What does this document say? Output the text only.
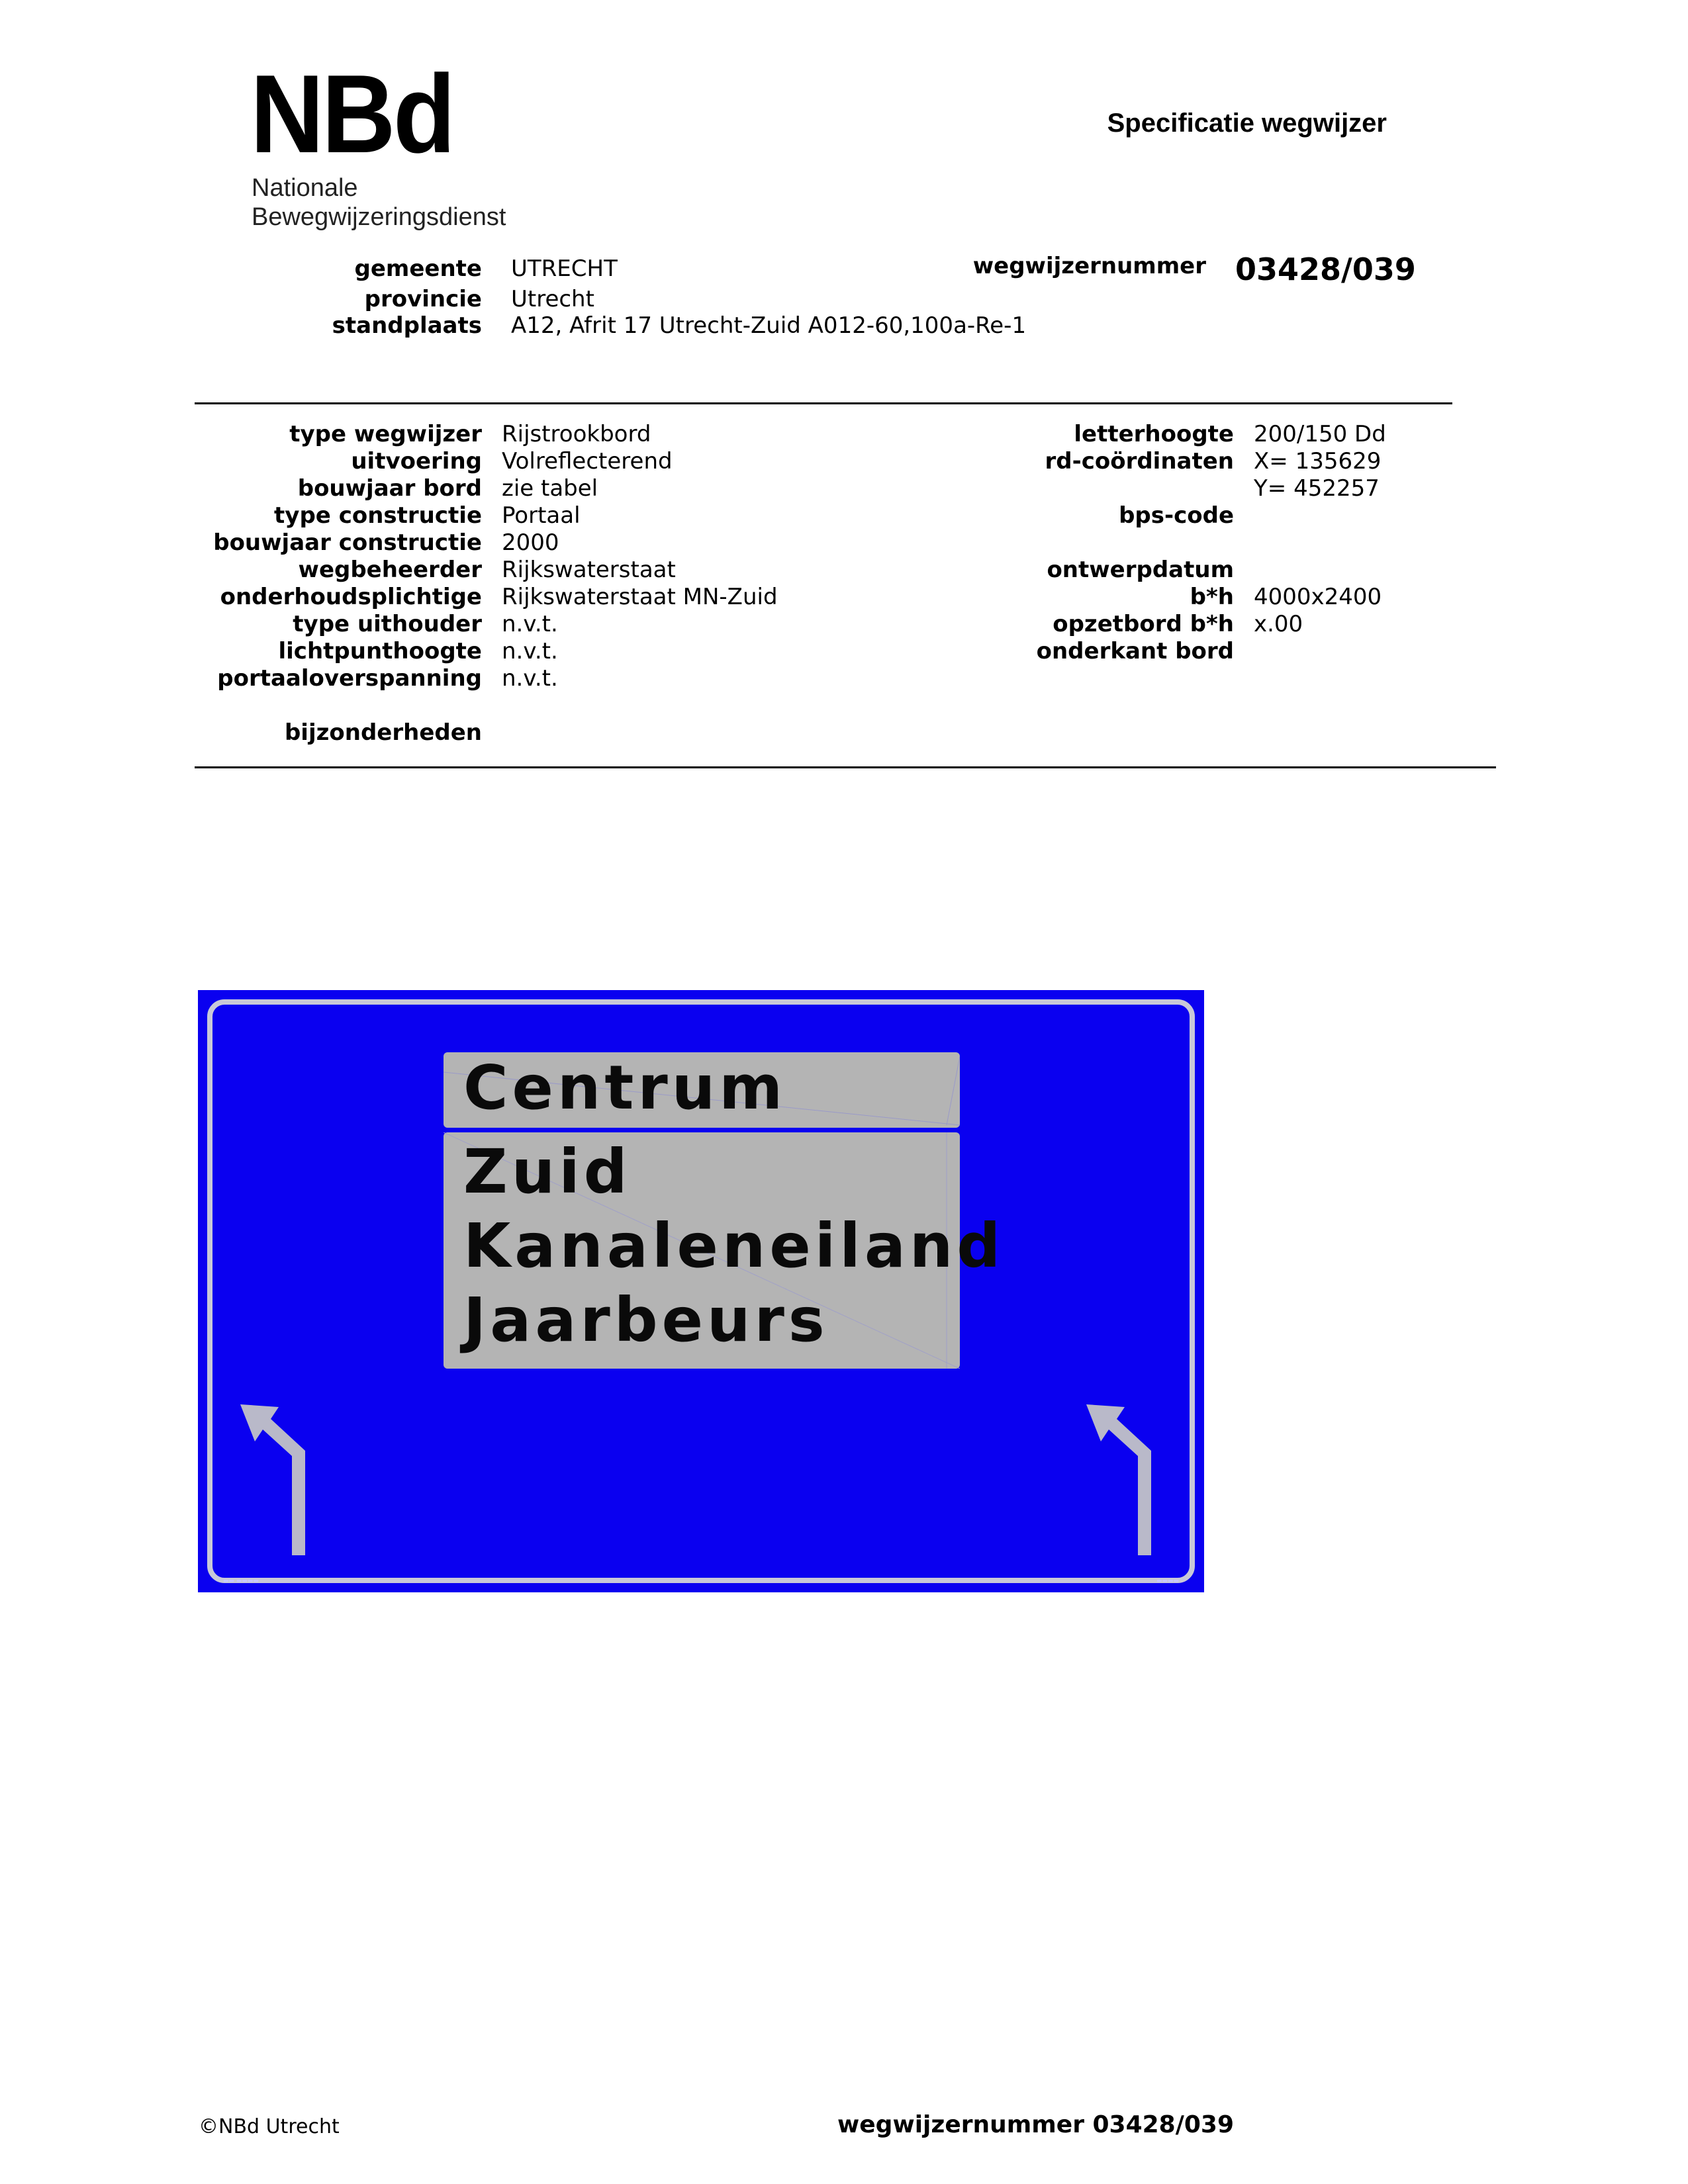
NBd
Nationale
Bewegwijzeringsdienst
Specificatie wegwijzer
gemeente UTRECHT
provincie Utrecht
standplaats A12, Afrit 17 Utrecht-Zuid A012-60,100a-Re-1
wegwijzernummer 03428/039
type wegwijzer Rijstrookbord
uitvoering Volreflecterend
bouwjaar bord zie tabel
type constructie Portaal
bouwjaar constructie 2000
wegbeheerder Rijkswaterstaat
onderhoudsplichtige Rijkswaterstaat MN-Zuid
type uithouder n.v.t.
lichtpunthoogte n.v.t.
portaaloverspanning n.v.t.
bijzonderheden
letterhoogte 200/150 Dd
rd-coördinaten X= 135629
Y= 452257
bps-code
ontwerpdatum
b*h 4000x2400
opzetbord b*h x.00
onderkant bord
Centrum
Zuid
Kanaleneiland
Jaarbeurs
▬▬ ▬▬▬▬	▬▬▬▬
©NBd Utrecht	wegwijzernummer 03428/039
